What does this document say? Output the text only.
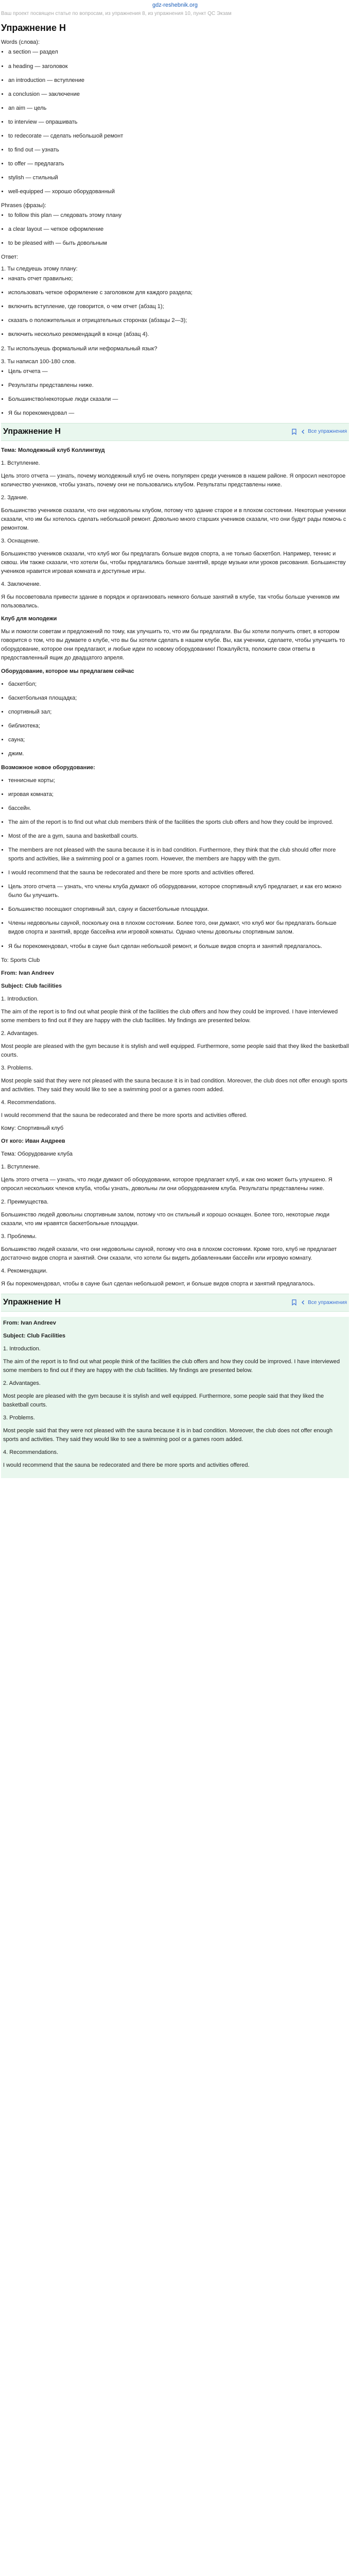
gdz-reshebnik.org
Ваш проект посвящен статье по вопросам, из упражнения 8, из упражнения 10, пункт QC Экзам
Упражнение Н
Words (слова):
• a section — раздел
• a heading — заголовок
• an introduction — вступление
• a conclusion — заключение
• an aim — цель
• to interview — опрашивать
• to redecorate — сделать небольшой ремонт
• to find out — узнать
• to offer — предлагать
• stylish — стильный
• well-equipped — хорошо оборудованный
Phrases (фразы):
• to follow this plan — следовать этому плану
• a clear layout — четкое оформление
• to be pleased with — быть довольным
Ответ:
1. Ты следуешь этому плану:
• начать отчет правильно;
• использовать четкое оформление с заголовком для каждого раздела;
• включить вступление, где говорится, о чем отчет (абзац 1);
• сказать о положительных и отрицательных сторонах (абзацы 2—3);
• включить несколько рекомендаций в конце (абзац 4).
2. Ты используешь формальный или неформальный язык?
3. Ты написал 100-180 слов.
• Цель отчета —
• Результаты представлены ниже.
• Большинство/некоторые люди сказали —
• Я бы порекомендовал —
Упражнение Н	Все упражнения
Тема: Молодежный клуб Коллингвуд
1. Вступление.
Цель этого отчета — узнать, почему молодежный клуб не очень популярен среди учеников в нашем районе. Я опросил некоторое количество учеников, чтобы узнать, почему они не пользовались клубом. Результаты представлены ниже.
2. Здание.
Большинство учеников сказали, что они недовольны клубом, потому что здание старое и в плохом состоянии. Некоторые ученики сказали, что им бы хотелось сделать небольшой ремонт. Довольно много старших учеников сказали, что они будут рады помочь с ремонтом.
3. Оснащение.
Большинство учеников сказали, что клуб мог бы предлагать больше видов спорта, а не только баскетбол. Например, теннис и сквош. Им также сказали, что хотели бы, чтобы предлагались больше занятий, вроде музыки или уроков рисования. Большинству учеников нравится игровая комната и доступные игры.
4. Заключение.
Я бы посоветовала привести здание в порядок и организовать немного больше занятий в клубе, так чтобы больше учеников им пользовались.
Клуб для молодежи
Мы и помогли советам и предложений по тому, как улучшить то, что им бы предлагали. Вы бы хотели получить ответ, в котором говорится о том, что вы думаете о клубе, что вы бы хотели сделать в нашем клубе. Вы, как ученики, сделаете, чтобы улучшить то оборудование, которое они предлагают, и любые идеи по новому оборудованию! Пожалуйста, положите свои ответы в предоставленный ящик до двадцатого апреля.
Оборудование, которое мы предлагаем сейчас
• баскетбол;
• баскетбольная площадка;
• спортивный зал;
• библиотека;
• сауна;
• джим.
Возможное новое оборудование:
• теннисные корты;
• игровая комната;
• бассейн.
• The aim of the report is to find out what club members think of the facilities the sports club offers and how they could be improved.
• Most of the are a gym, sauna and basketball courts.
• The members are not pleased with the sauna because it is in bad condition. Furthermore, they think that the club should offer more sports and activities, like a swimming pool or a games room. However, the members are happy with the gym.
• I would recommend that the sauna be redecorated and there be more sports and activities offered.
• Цель этого отчета — узнать, что члены клуба думают об оборудовании, которое спортивный клуб предлагает, и как его можно было бы улучшить.
• Большинство посещают спортивный зал, сауну и баскетбольные площадки.
• Члены недовольны сауной, поскольку она в плохом состоянии. Более того, они думают, что клуб мог бы предлагать больше видов спорта и занятий, вроде бассейна или игровой комнаты. Однако члены довольны спортивным залом.
• Я бы порекомендовал, чтобы в сауне был сделан небольшой ремонт, и больше видов спорта и занятий предлагалось.
To: Sports Club
From: Ivan Andreev
Subject: Club facilities
1. Introduction.
The aim of the report is to find out what people think of the facilities the club offers and how they could be improved. I have interviewed some members to find out if they are happy with the club facilities. My findings are presented below.
2. Advantages.
Most people are pleased with the gym because it is stylish and well equipped. Furthermore, some people said that they liked the basketball courts.
3. Problems.
Most people said that they were not pleased with the sauna because it is in bad condition. Moreover, the club does not offer enough sports and activities. They said they would like to see a swimming pool or a games room added.
4. Recommendations.
I would recommend that the sauna be redecorated and there be more sports and activities offered.
Кому: Спортивный клуб
От кого: Иван Андреев
Тема: Оборудование клуба
1. Вступление.
Цель этого отчета — узнать, что люди думают об оборудовании, которое предлагает клуб, и как оно может быть улучшено. Я опросил нескольких членов клуба, чтобы узнать, довольны ли они оборудованием клуба. Результаты представлены ниже.
2. Преимущества.
Большинство людей довольны спортивным залом, потому что он стильный и хорошо оснащен. Более того, некоторые люди сказали, что им нравятся баскетбольные площадки.
3. Проблемы.
Большинство людей сказали, что они недовольны сауной, потому что она в плохом состоянии. Кроме того, клуб не предлагает достаточно видов спорта и занятий. Они сказали, что хотели бы видеть добавленными бассейн или игровую комнату.
4. Рекомендации.
Я бы порекомендовал, чтобы в сауне был сделан небольшой ремонт, и больше видов спорта и занятий предлагалось.
Упражнение Н	Все упражнения
From: Ivan Andreev
Subject: Club Facilities
1. Introduction.
The aim of the report is to find out what people think of the facilities the club offers and how they could be improved. I have interviewed some members to find out if they are happy with the club facilities. My findings are presented below.
2. Advantages.
Most people are pleased with the gym because it is stylish and well equipped. Furthermore, some people said that they liked the basketball courts.
3. Problems.
Most people said that they were not pleased with the sauna because it is in bad condition. Moreover, the club does not offer enough sports and activities. They said they would like to see a swimming pool or a games room added.
4. Recommendations.
I would recommend that the sauna be redecorated and there be more sports and activities offered.
